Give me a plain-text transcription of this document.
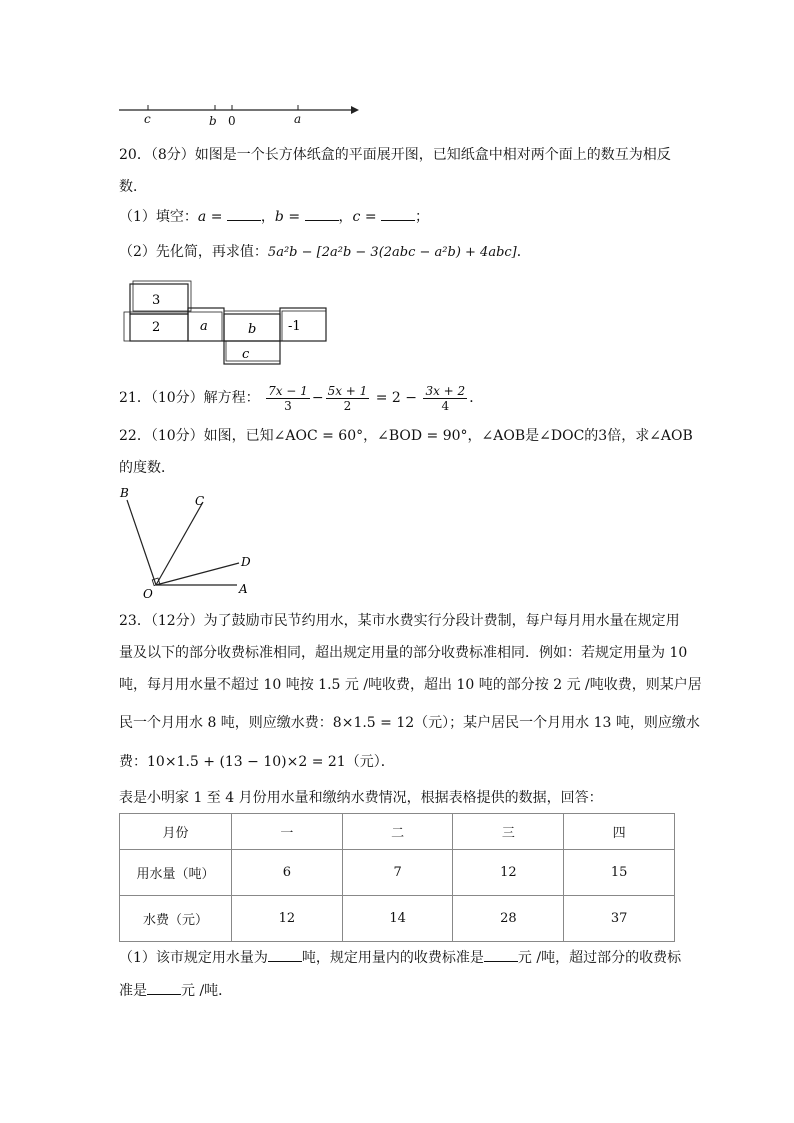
c	b 0	a
20．（8分）如图是一个长方体纸盒的平面展开图，已知纸盒中相对两个面上的数互为相反
数．
（1）填空：a = ，b = ，c = ；
（2）先化简，再求值：5a²b − [2a²b − 3(2abc − a²b) + 4abc]．
3
2	a	b -1
c
21．（10分）解方程： $\frac{7x - 1}{3} - \frac{5x + 1}{2} = 2 - \frac{3x + 2}{4}$ ．
22．（10分）如图，已知∠AOC = 60°，∠BOD = 90°，∠AOB是∠DOC的3倍，求∠AOB
的度数．
B
C
D
O	A
23．（12分）为了鼓励市民节约用水，某市水费实行分段计费制，每户每月用水量在规定用
量及以下的部分收费标准相同，超出规定用量的部分收费标准相同．例如：若规定用量为 10
吨，每月用水量不超过 10 吨按 1.5 元 /吨收费，超出 10 吨的部分按 2 元 /吨收费，则某户居
民一个月用水 8 吨，则应缴水费：8×1.5 = 12（元）；某户居民一个月用水 13 吨，则应缴水
费：10×1.5 + (13 − 10)×2 = 21（元）．
表是小明家 1 至 4 月份用水量和缴纳水费情况，根据表格提供的数据，回答：
月份	一	二	三	四
用水量（吨）	6	7	12	15
水费（元）	12	14	28	37
（1）该市规定用水量为 吨，规定用量内的收费标准是 元 /吨，超过部分的收费标
准是 元 /吨．
